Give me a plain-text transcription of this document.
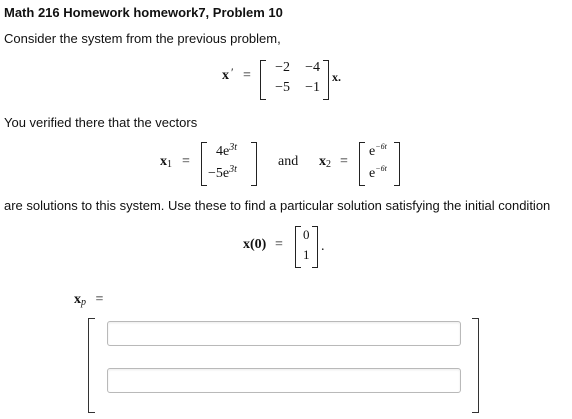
Math 216 Homework homework7, Problem 10
Consider the system from the previous problem,
x ′ =
−2	−4
−5	−1
x.
You verified there that the vectors
$x_1$ =
$4e^{3t}$
$-5e^{3t}$
and $x_2$ =
$e^{-6t}$
$e^{-6t}$
are solutions to this system. Use these to find a particular solution satisfying the initial condition
x(0) =
0
1
.
$x_p$ =
